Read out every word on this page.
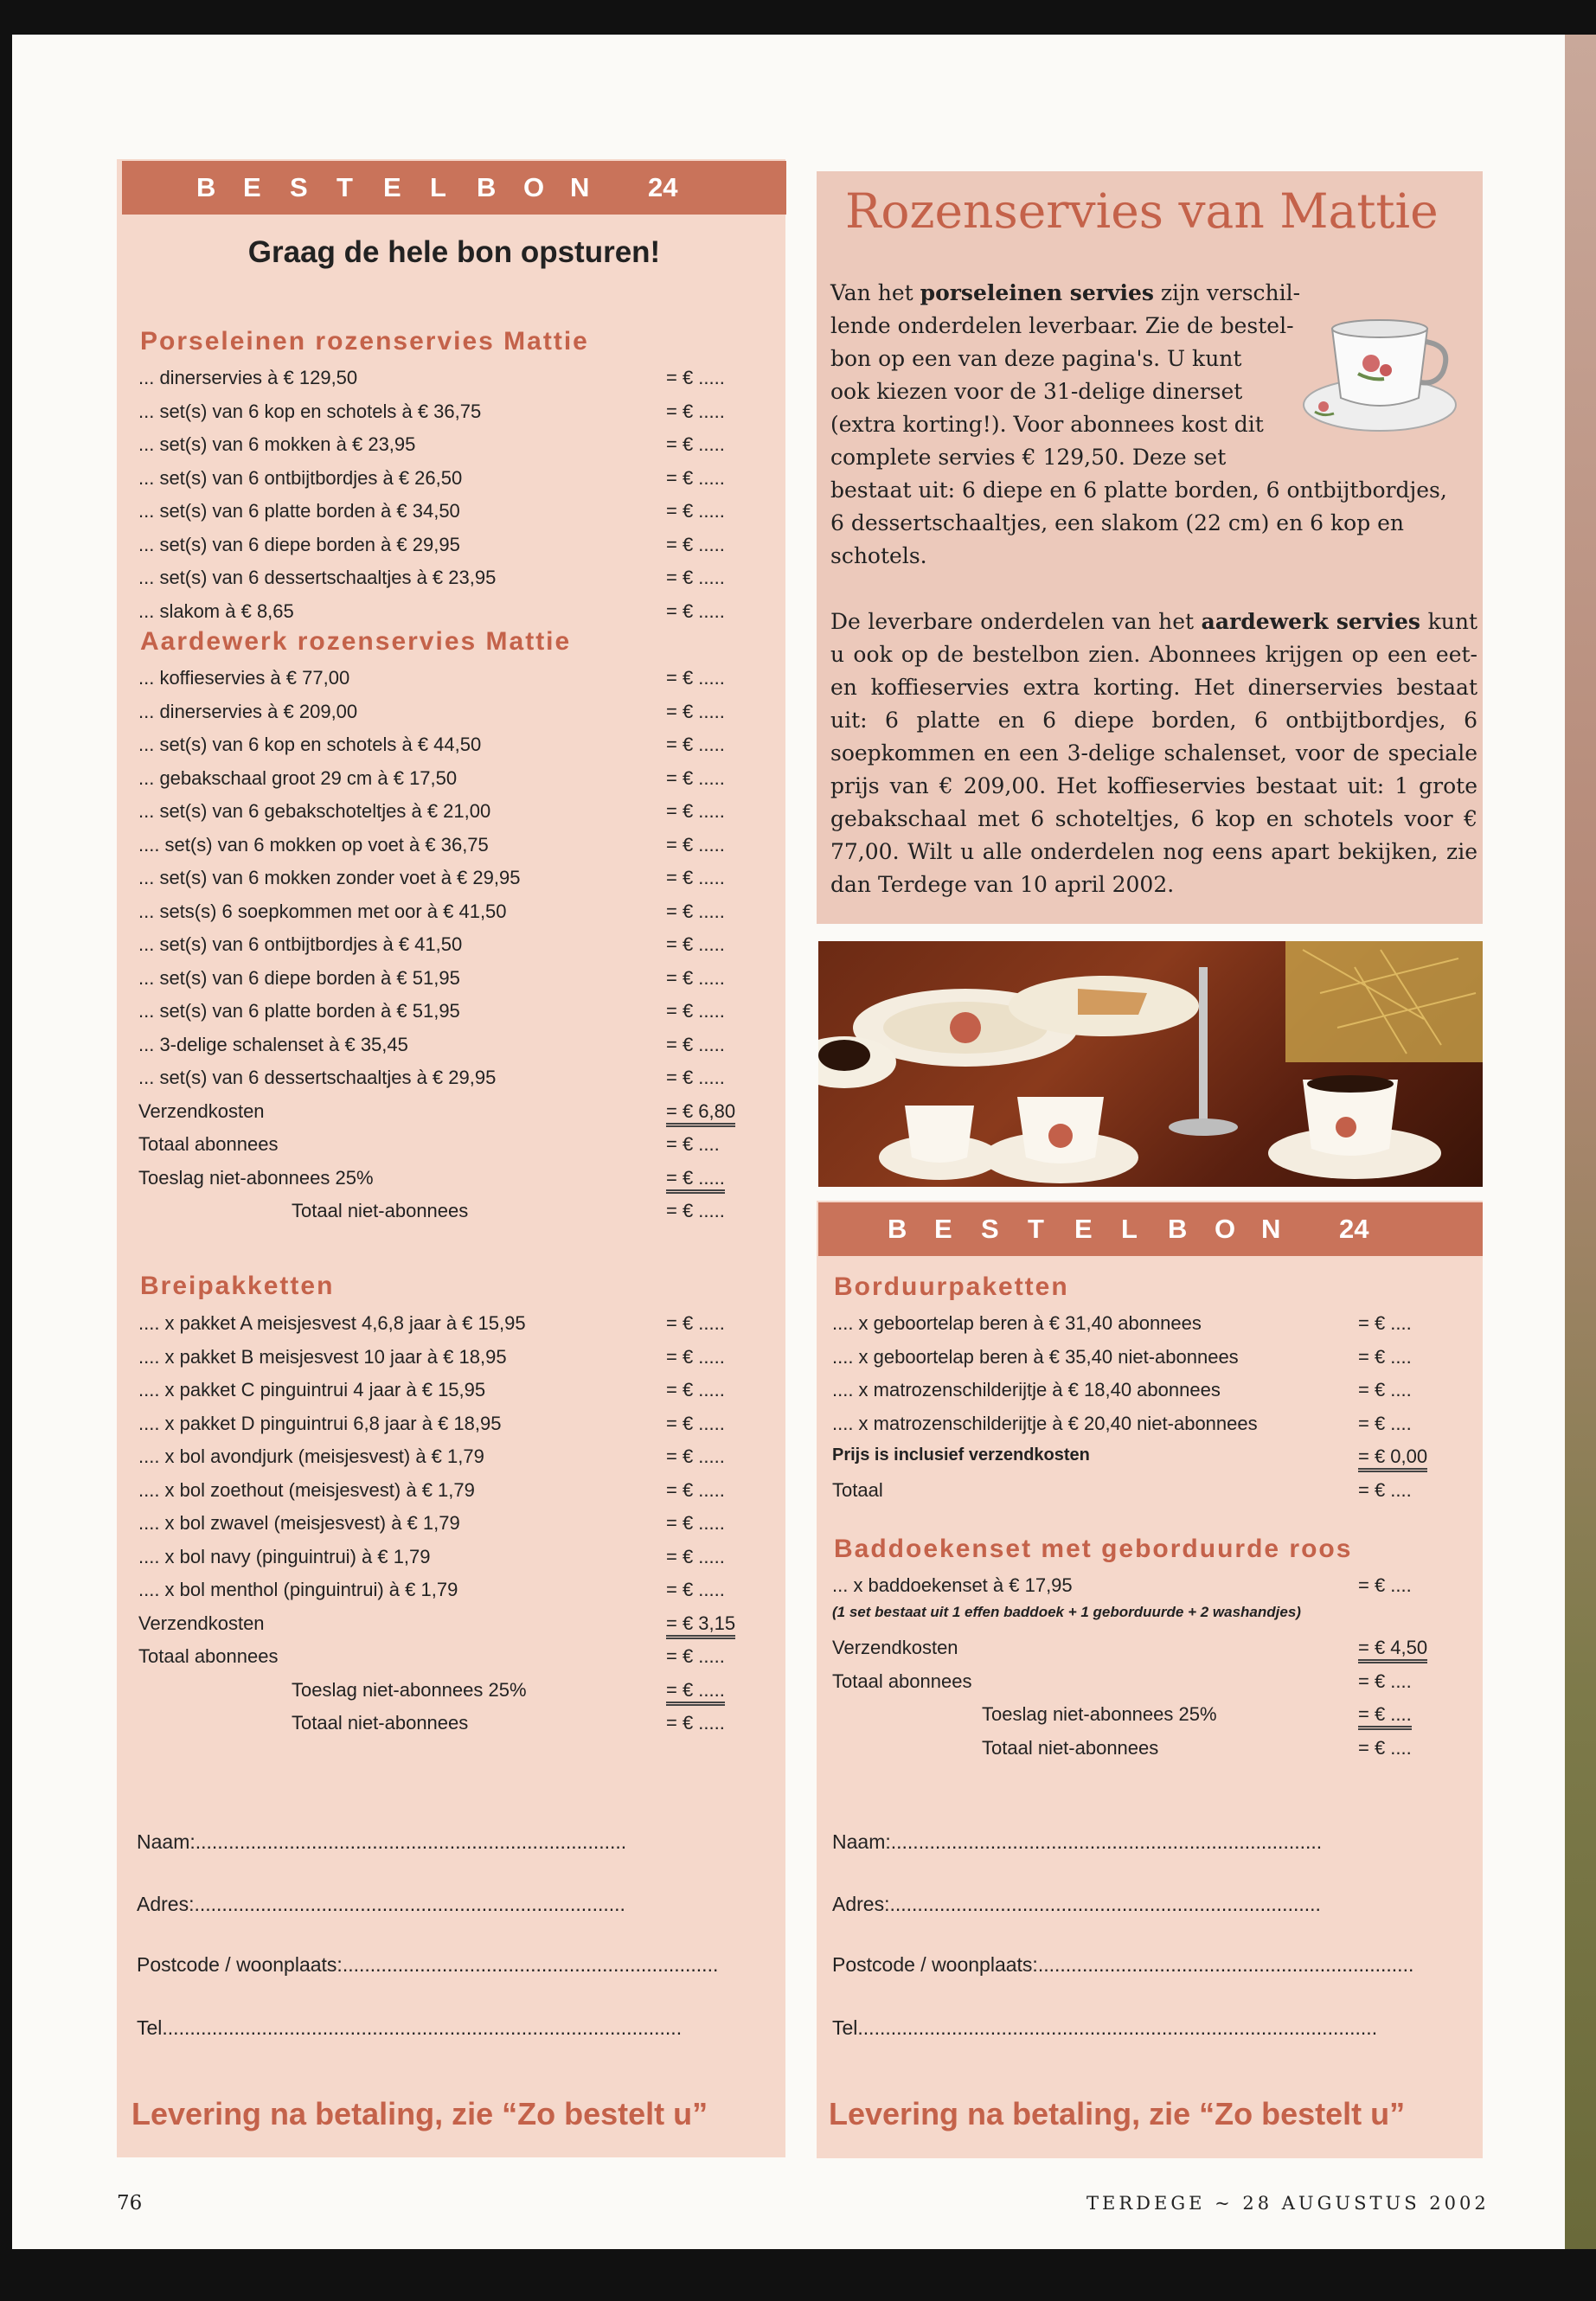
B	E	S	T	E	L	B	O N	24
Graag de hele bon opsturen!
Porseleinen rozenservies Mattie
Aardewerk rozenservies Mattie
Breipakketten
Naam:..............................................................................
Adres:..............................................................................
Postcode / woonplaats:....................................................................
Tel..............................................................................................
Levering na betaling, zie “Zo bestelt u”
Rozenservies van Mattie

Van het porseleinen servies zijn verschil-

lende onderdelen leverbaar. Zie de bestel-

bon op een van deze pagina's. U kunt

ook kiezen voor de 31-delige dinerset

(extra korting!). Voor abonnees kost dit

complete servies € 129,50. Deze set

bestaat uit: 6 diepe en 6 platte borden, 6 ontbijtbordjes,

6 dessertschaaltjes, een slakom (22 cm) en 6 kop en

schotels.

De leverbare onderdelen van het aardewerk servies kunt u ook op de bestelbon zien. Abonnees krijgen op een eet- en koffieservies extra korting. Het dinerservies bestaat uit: 6 platte en 6 diepe borden, 6 ontbijtbordjes, 6 soepkommen en een 3-delige schalenset, voor de speciale prijs van € 209,00. Het koffieservies bestaat uit: 1 grote gebakschaal met 6 schoteltjes, 6 kop en schotels voor € 77,00. Wilt u alle onderdelen nog eens apart bekijken, zie dan Terdege van 10 april 2002.

B	E	S	T	E	L	B	O N	24
Borduurpaketten
Baddoekenset met geborduurde roos
Naam:..............................................................................
Adres:..............................................................................
Postcode / woonplaats:....................................................................
Tel..............................................................................................
Levering na betaling, zie “Zo bestelt u”
76	TERDEGE ~ 28 AUGUSTUS 2002
... dinerservies à € 129,50	= € .....
... set(s) van 6 kop en schotels à € 36,75	= € .....
... set(s) van 6 mokken à € 23,95	= € .....
... set(s) van 6 ontbijtbordjes à € 26,50	= € .....
... set(s) van 6 platte borden à € 34,50	= € .....
... set(s) van 6 diepe borden à € 29,95	= € .....
... set(s) van 6 dessertschaaltjes à € 23,95	= € .....
... slakom à € 8,65	= € .....
... koffieservies à € 77,00	= € .....
... dinerservies à € 209,00	= € .....
... set(s) van 6 kop en schotels à € 44,50	= € .....
... gebakschaal groot 29 cm à € 17,50	= € .....
... set(s) van 6 gebakschoteltjes à € 21,00	= € .....
.... set(s) van 6 mokken op voet à € 36,75	= € .....
... set(s) van 6 mokken zonder voet à € 29,95	= € .....
... sets(s) 6 soepkommen met oor à € 41,50	= € .....
... set(s) van 6 ontbijtbordjes à € 41,50	= € .....
... set(s) van 6 diepe borden à € 51,95	= € .....
... set(s) van 6 platte borden à € 51,95	= € .....
... 3-delige schalenset à € 35,45	= € .....
... set(s) van 6 dessertschaaltjes à € 29,95	= € .....
Verzendkosten	= € 6,80
Totaal abonnees	= € ....
Toeslag niet-abonnees 25%	= € .....
Totaal niet-abonnees	= € .....
.... x pakket A meisjesvest 4,6,8 jaar à € 15,95	= € .....
.... x pakket B meisjesvest 10 jaar à € 18,95	= € .....
.... x pakket C pinguintrui 4 jaar à € 15,95	= € .....
.... x pakket D pinguintrui 6,8 jaar à € 18,95	= € .....
.... x bol avondjurk (meisjesvest) à € 1,79	= € .....
.... x bol zoethout (meisjesvest) à € 1,79	= € .....
.... x bol zwavel (meisjesvest) à € 1,79	= € .....
.... x bol navy (pinguintrui) à € 1,79	= € .....
.... x bol menthol (pinguintrui) à € 1,79	= € .....
Verzendkosten	= € 3,15
Totaal abonnees	= € .....
Toeslag niet-abonnees 25%	= € .....
Totaal niet-abonnees	= € .....
.... x geboortelap beren à € 31,40 abonnees	= € ....
.... x geboortelap beren à € 35,40 niet-abonnees	= € ....
.... x matrozenschilderijtje à € 18,40 abonnees	= € ....
.... x matrozenschilderijtje à € 20,40 niet-abonnees	= € ....
Prijs is inclusief verzendkosten	= € 0,00
Totaal	= € ....
... x baddoekenset à € 17,95	= € ....
(1 set bestaat uit 1 effen baddoek + 1 geborduurde + 2 washandjes)
Verzendkosten	= € 4,50
Totaal abonnees	= € ....
Toeslag niet-abonnees 25%	= € ....
Totaal niet-abonnees	= € ....
